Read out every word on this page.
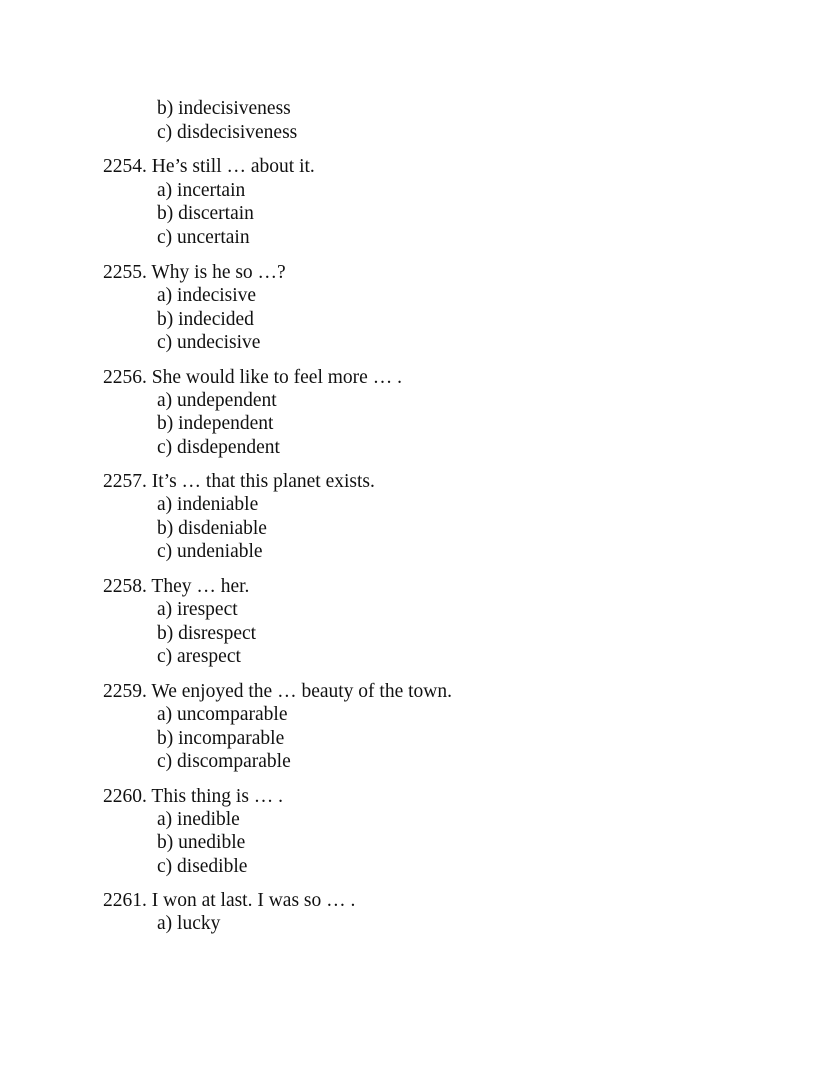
b) indecisiveness
c) disdecisiveness
2254. He’s still … about it.
a) incertain
b) discertain
c) uncertain
2255. Why is he so …?
a) indecisive
b) indecided
c) undecisive
2256. She would like to feel more … .
a) undependent
b) independent
c) disdependent
2257. It’s … that this planet exists.
a) indeniable
b) disdeniable
c) undeniable
2258. They … her.
a) irespect
b) disrespect
c) arespect
2259. We enjoyed the … beauty of the town.
a) uncomparable
b) incomparable
c) discomparable
2260. This thing is … .
a) inedible
b) unedible
c) disedible
2261. I won at last. I was so … .
a) lucky
